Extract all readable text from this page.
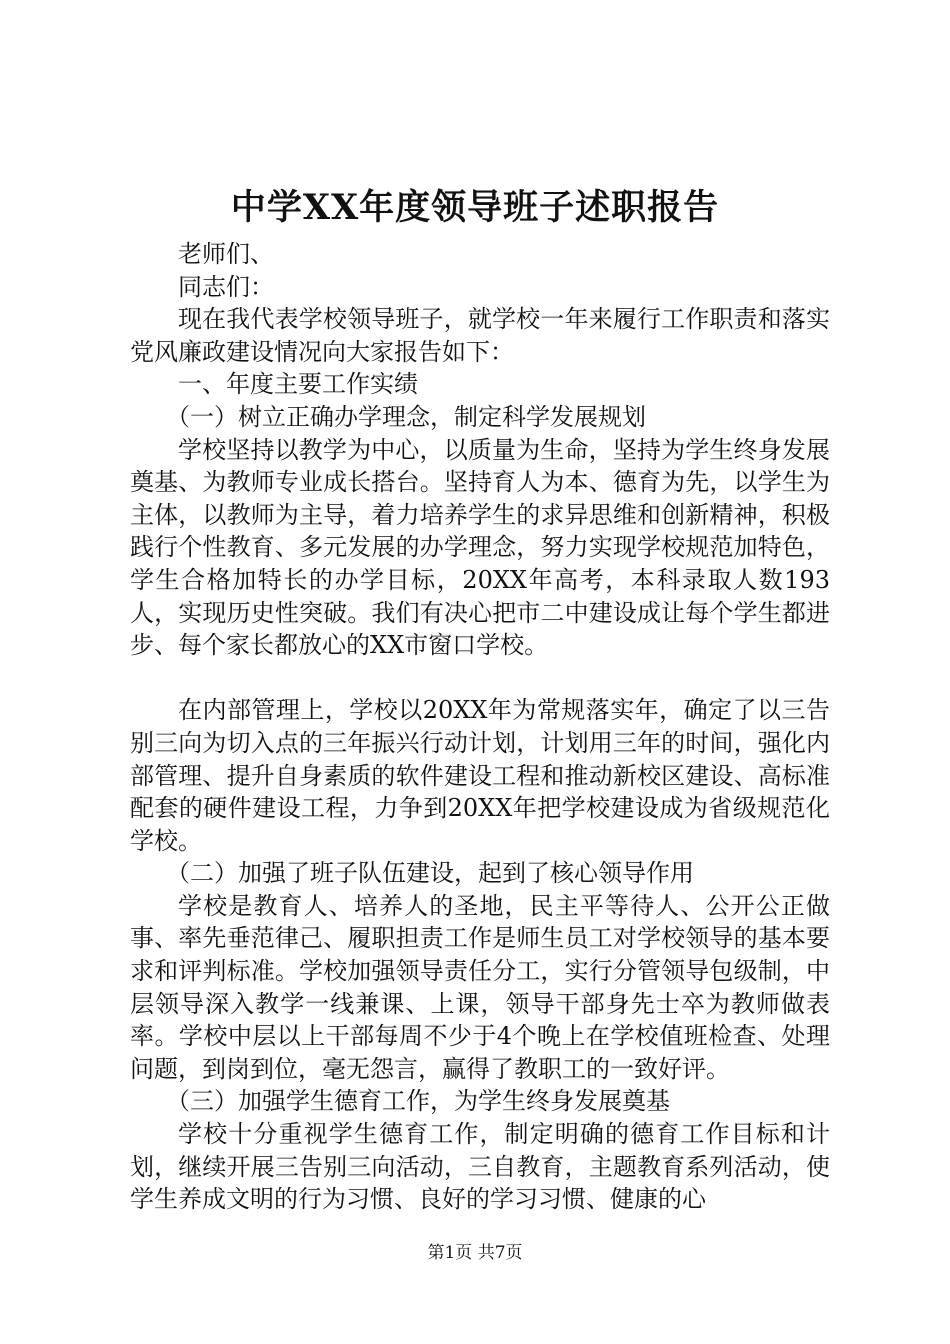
中学XX年度领导班子述职报告

老师们、

同志们：

现在我代表学校领导班子，就学校一年来履行工作职责和落实党风廉政建设情况向大家报告如下：

一、年度主要工作实绩

（一）树立正确办学理念，制定科学发展规划

学校坚持以教学为中心，以质量为生命，坚持为学生终身发展奠基、为教师专业成长搭台。坚持育人为本、德育为先，以学生为主体，以教师为主导，着力培养学生的求异思维和创新精神，积极践行个性教育、多元发展的办学理念，努力实现学校规范加特色，学生合格加特长的办学目标，20XX年高考，本科录取人数193人，实现历史性突破。我们有决心把市二中建设成让每个学生都进步、每个家长都放心的XX市窗口学校。

在内部管理上，学校以20XX年为常规落实年，确定了以三告别三向为切入点的三年振兴行动计划，计划用三年的时间，强化内部管理、提升自身素质的软件建设工程和推动新校区建设、高标准配套的硬件建设工程，力争到20XX年把学校建设成为省级规范化学校。

（二）加强了班子队伍建设，起到了核心领导作用

学校是教育人、培养人的圣地，民主平等待人、公开公正做事、率先垂范律己、履职担责工作是师生员工对学校领导的基本要求和评判标准。学校加强领导责任分工，实行分管领导包级制，中层领导深入教学一线兼课、上课，领导干部身先士卒为教师做表率。学校中层以上干部每周不少于4个晚上在学校值班检查、处理问题，到岗到位，毫无怨言，赢得了教职工的一致好评。

（三）加强学生德育工作，为学生终身发展奠基

学校十分重视学生德育工作，制定明确的德育工作目标和计划，继续开展三告别三向活动，三自教育，主题教育系列活动，使学生养成文明的行为习惯、良好的学习习惯、健康的心

第1页 共7页
